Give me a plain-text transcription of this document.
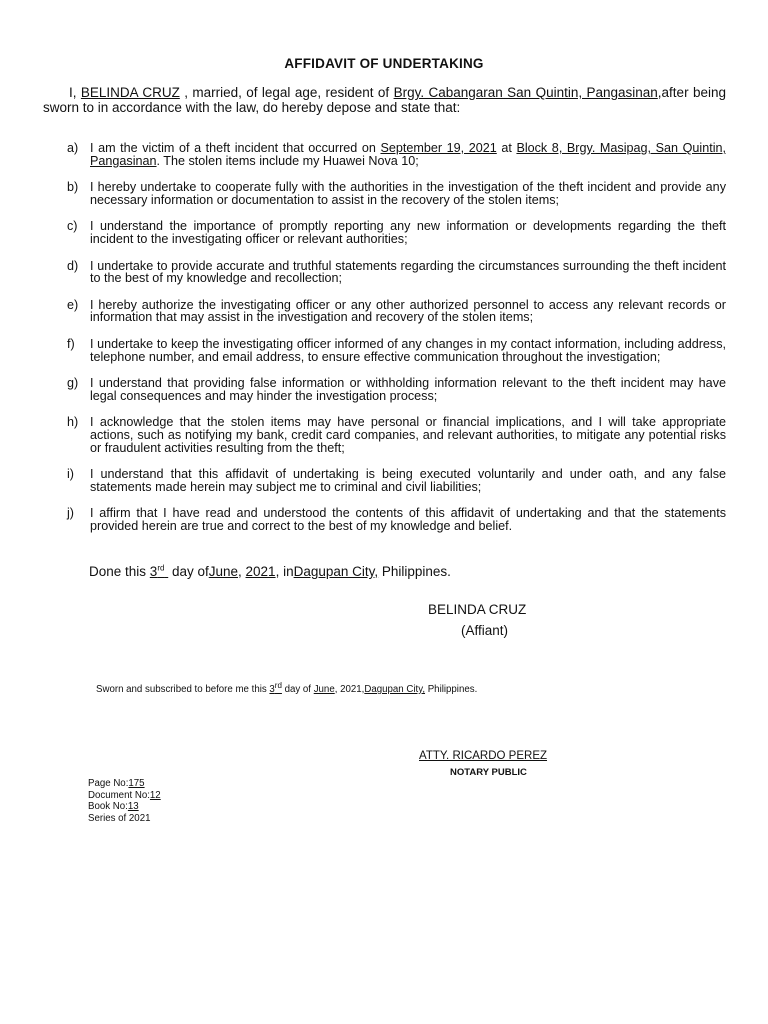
AFFIDAVIT OF UNDERTAKING
I, BELINDA CRUZ , married, of legal age, resident of Brgy. Cabangaran San Quintin, Pangasinan,after being sworn to in accordance with the law, do hereby depose and state that:
a) I am the victim of a theft incident that occurred on September 19, 2021 at Block 8, Brgy. Masipag, San Quintin, Pangasinan. The stolen items include my Huawei Nova 10;
b) I hereby undertake to cooperate fully with the authorities in the investigation of the theft incident and provide any necessary information or documentation to assist in the recovery of the stolen items;
c) I understand the importance of promptly reporting any new information or developments regarding the theft incident to the investigating officer or relevant authorities;
d) I undertake to provide accurate and truthful statements regarding the circumstances surrounding the theft incident to the best of my knowledge and recollection;
e) I hereby authorize the investigating officer or any other authorized personnel to access any relevant records or information that may assist in the investigation and recovery of the stolen items;
f) I undertake to keep the investigating officer informed of any changes in my contact information, including address, telephone number, and email address, to ensure effective communication throughout the investigation;
g) I understand that providing false information or withholding information relevant to the theft incident may have legal consequences and may hinder the investigation process;
h) I acknowledge that the stolen items may have personal or financial implications, and I will take appropriate actions, such as notifying my bank, credit card companies, and relevant authorities, to mitigate any potential risks or fraudulent activities resulting from the theft;
i) I understand that this affidavit of undertaking is being executed voluntarily and under oath, and any false statements made herein may subject me to criminal and civil liabilities;
j) I affirm that I have read and understood the contents of this affidavit of undertaking and that the statements provided herein are true and correct to the best of my knowledge and belief.
Done this 3rd  day ofJune, 2021, inDagupan City, Philippines.
BELINDA CRUZ
(Affiant)
Sworn and subscribed to before me this 3rd day of June, 2021,Dagupan City, Philippines.
ATTY. RICARDO PEREZ
NOTARY PUBLIC
Page No:175
Document No:12
Book No:13
Series of 2021
